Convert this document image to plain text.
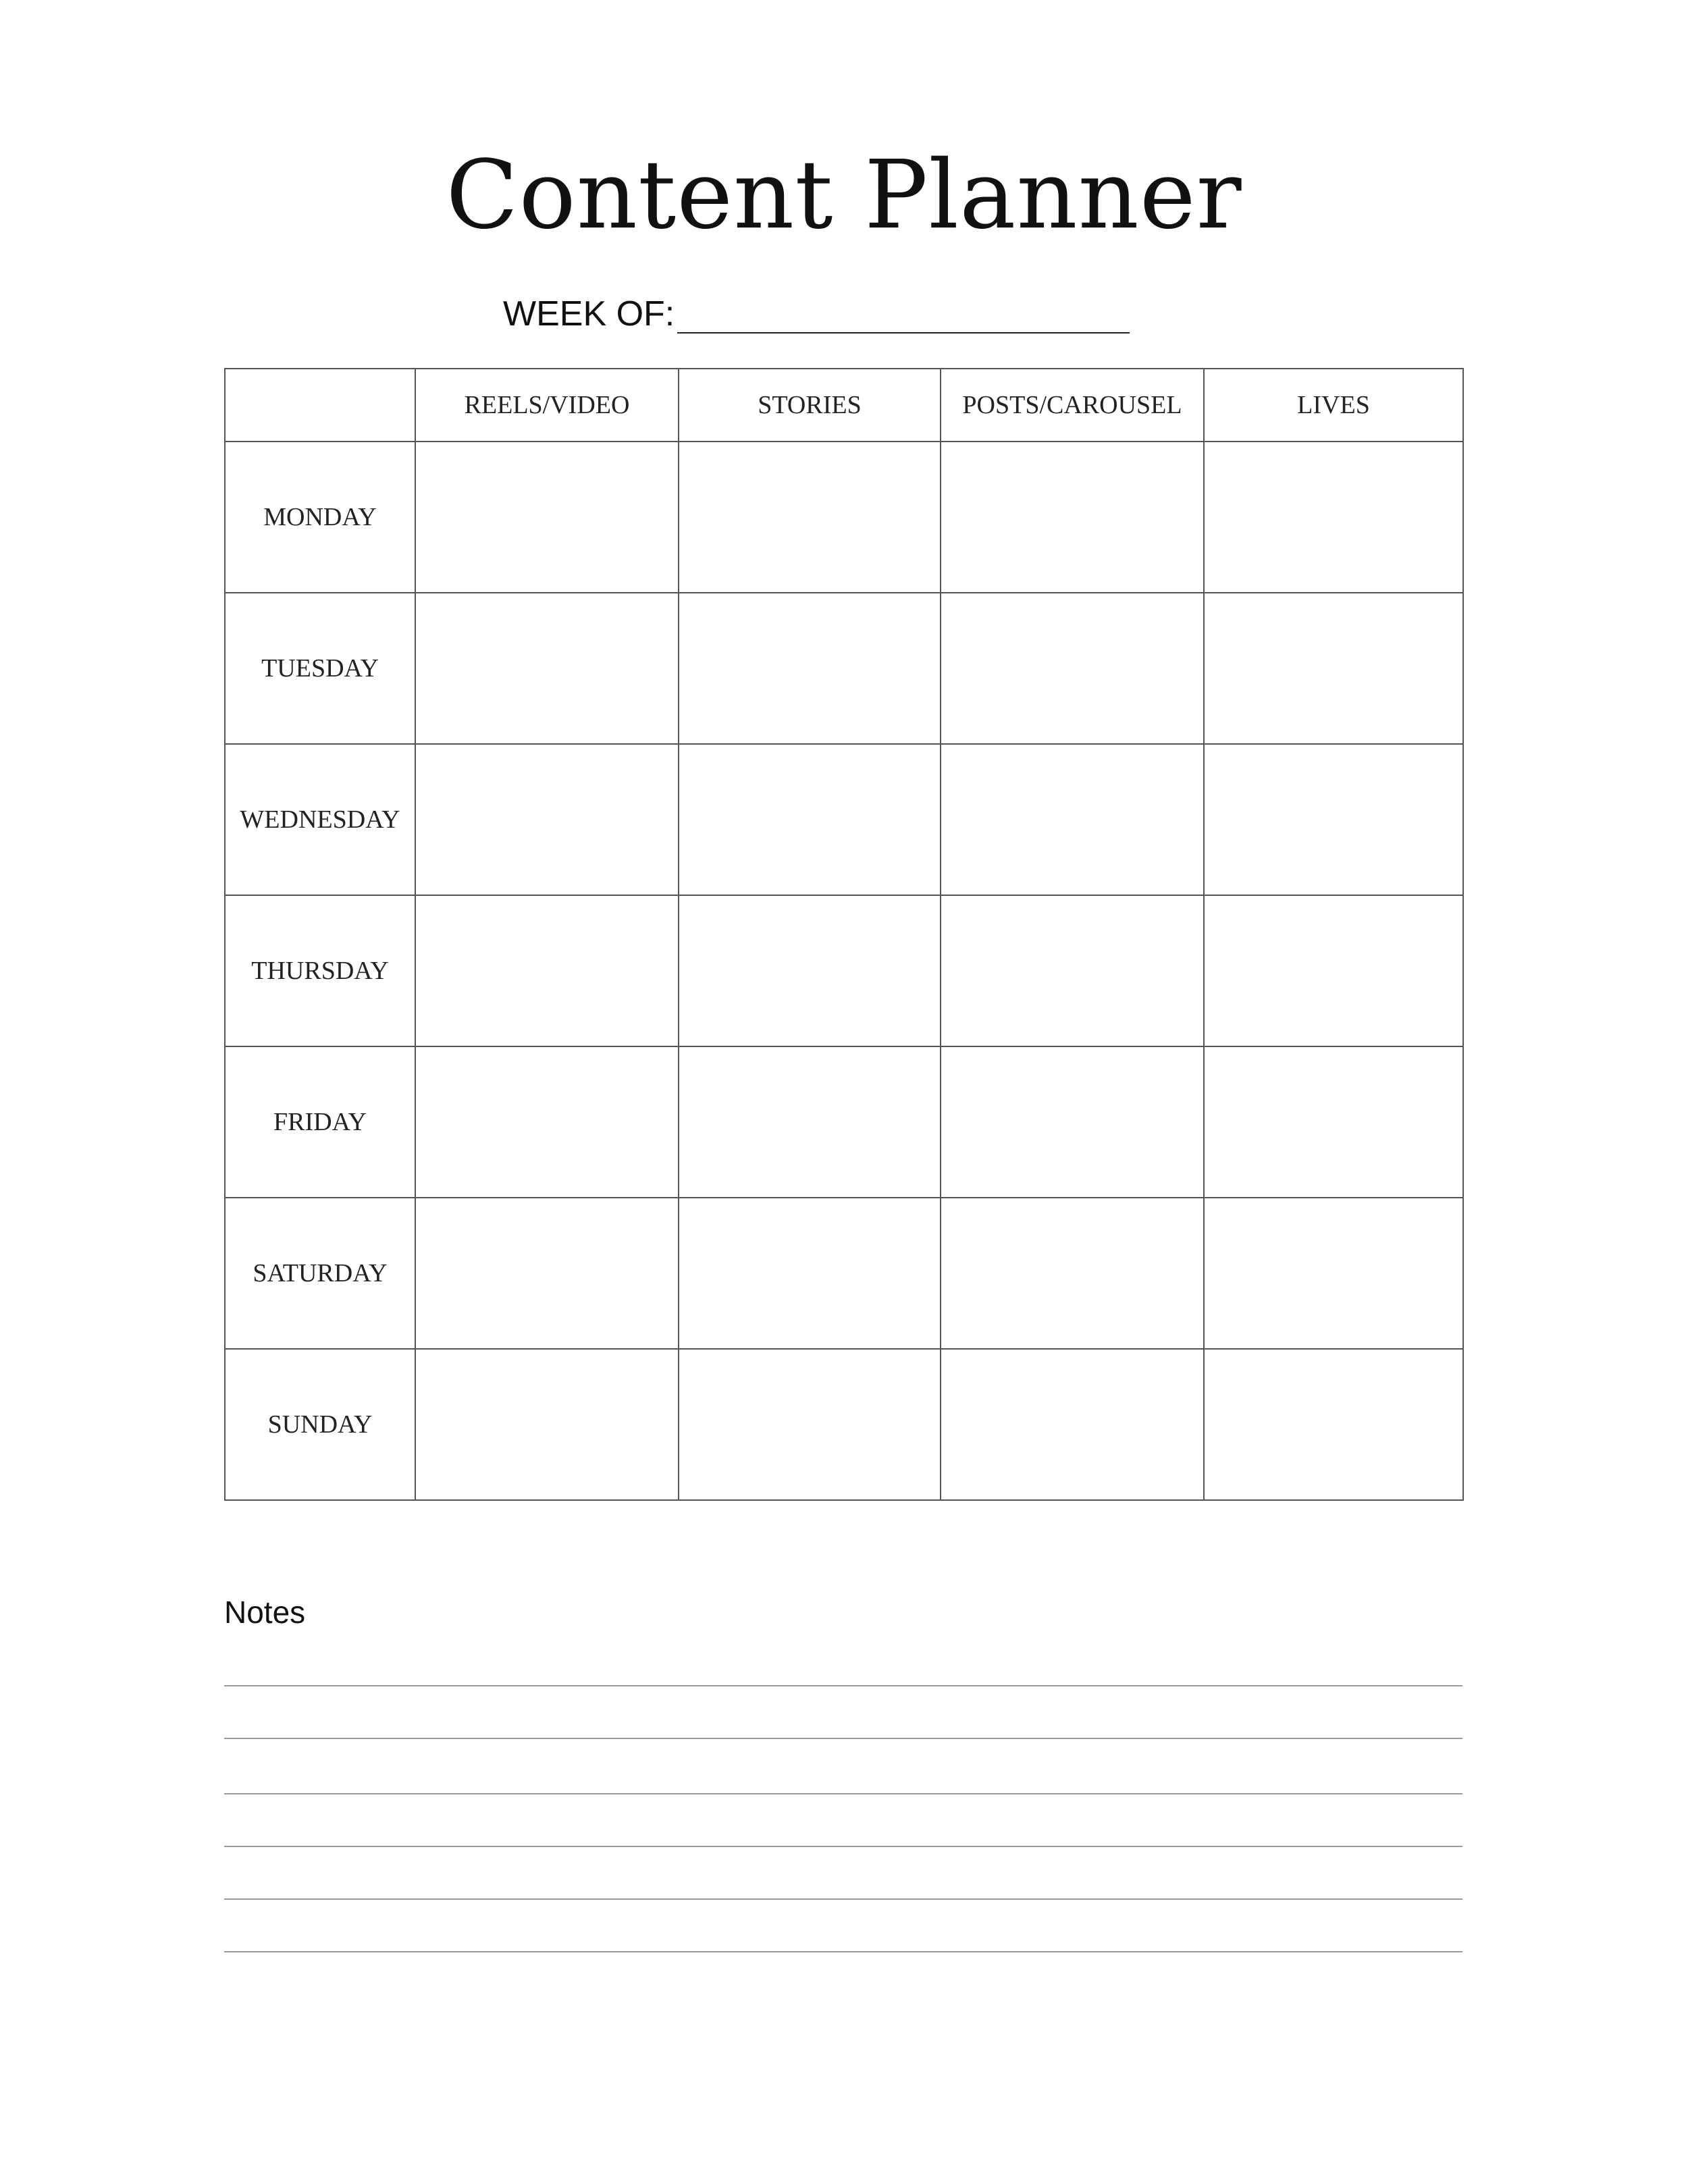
Content Planner
WEEK OF:
	REELS/VIDEO	STORIES	POSTS/CAROUSEL	LIVES
MONDAY				
TUESDAY				
WEDNESDAY				
THURSDAY				
FRIDAY				
SATURDAY				
SUNDAY				
Notes
